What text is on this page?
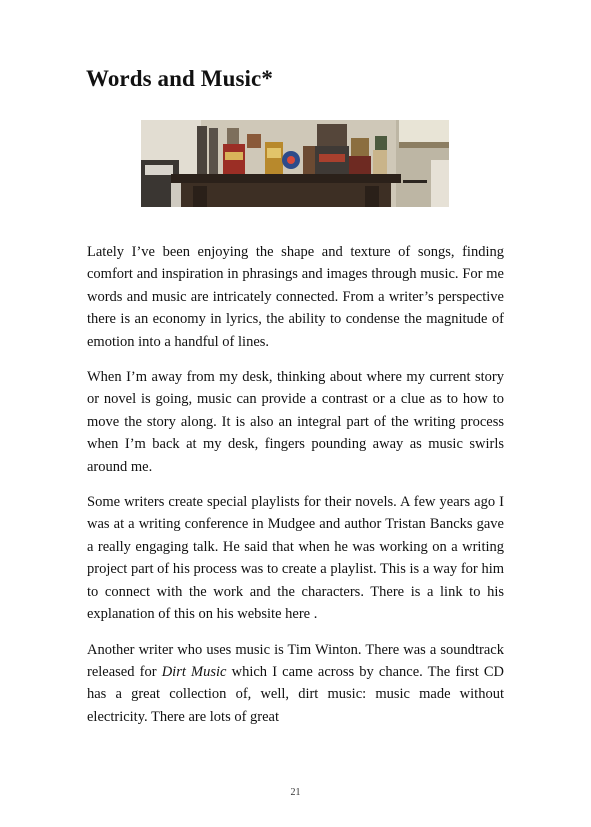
Words and Music*

Lately I’ve been enjoying the shape and texture of songs, finding comfort and inspiration in phrasings and images through music. For me words and music are intricately connected. From a writer’s perspective there is an economy in lyrics, the ability to condense the magnitude of emotion into a handful of lines.

When I’m away from my desk, thinking about where my current story or novel is going, music can provide a contrast or a clue as to how to move the story along. It is also an integral part of the writing process when I’m back at my desk, fingers pounding away as music swirls around me.

Some writers create special playlists for their novels. A few years ago I was at a writing conference in Mudgee and author Tristan Bancks gave a really engaging talk. He said that when he was working on a writing project part of his process was to create a playlist. This is a way for him to connect with the work and the characters. There is a link to his explanation of this on his website here .

Another writer who uses music is Tim Winton. There was a soundtrack released for Dirt Music which I came across by chance. The first CD has a great collection of, well, dirt music: music made without electricity. There are lots of great

21
